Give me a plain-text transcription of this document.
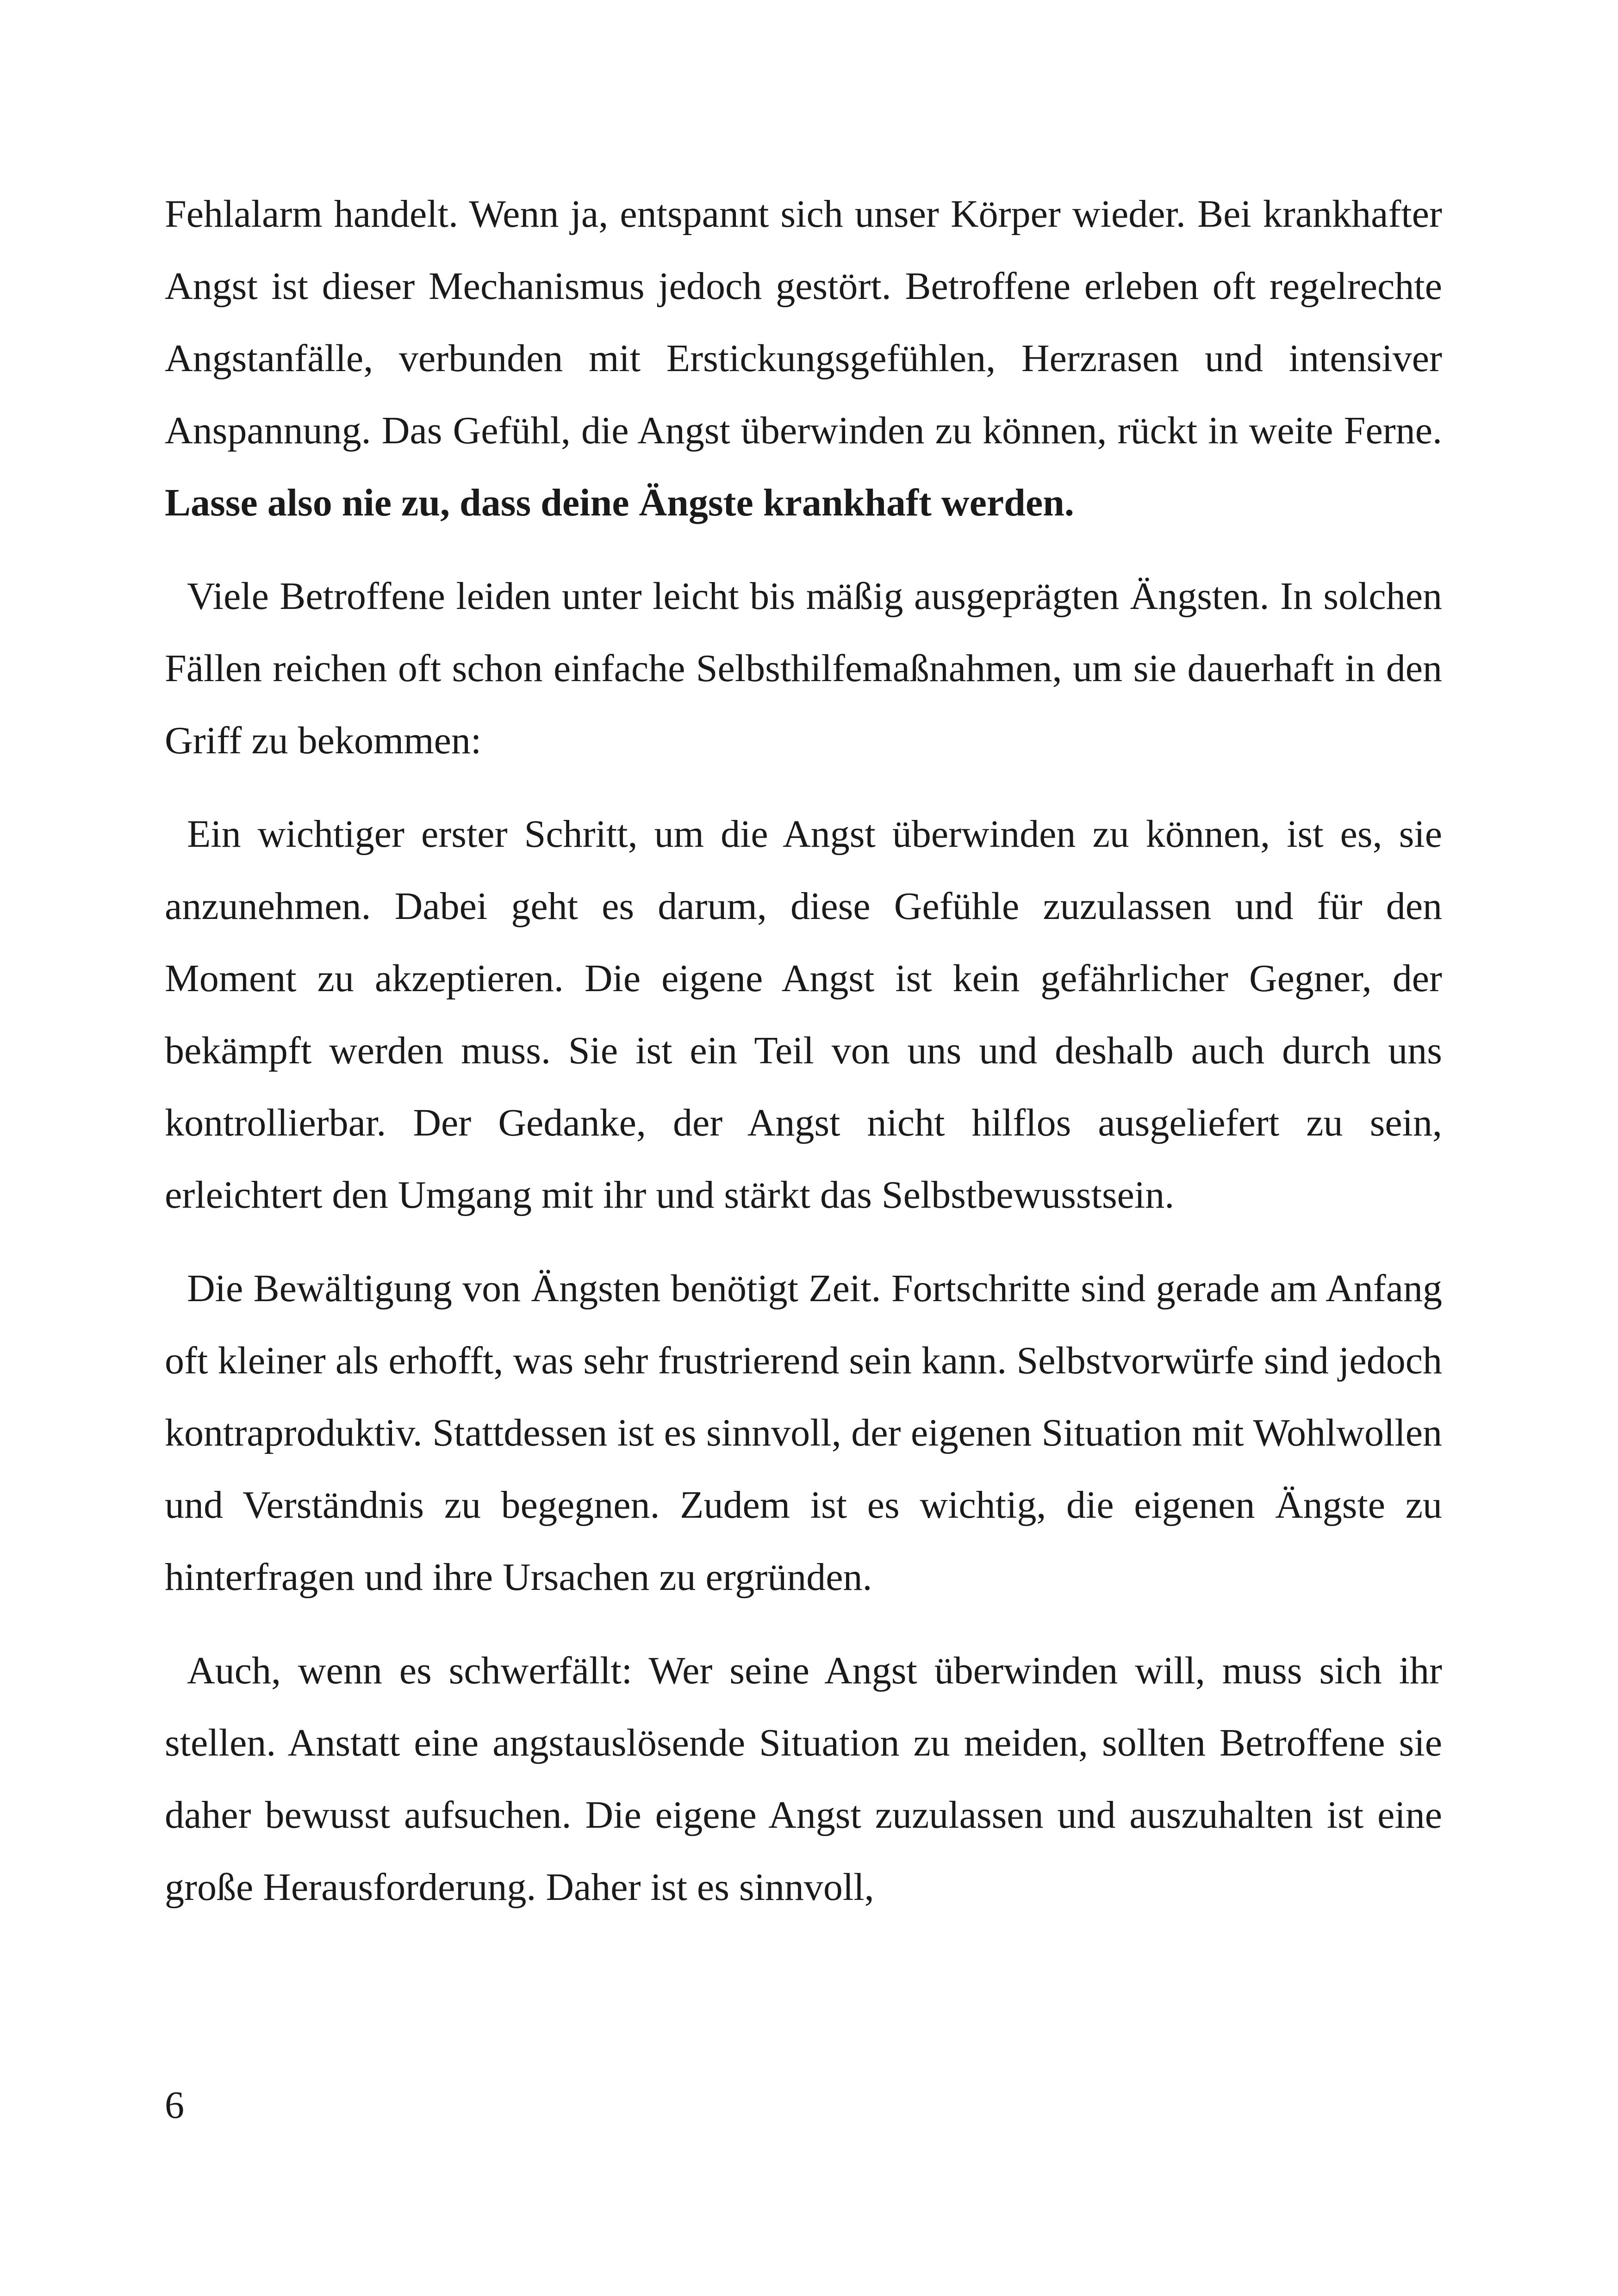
Fehlalarm handelt. Wenn ja, entspannt sich unser Körper wieder. Bei krankhafter Angst ist dieser Mechanismus jedoch gestört. Betroffene erleben oft regelrechte Angstanfälle, verbunden mit Erstickungsgefühlen, Herzrasen und intensiver Anspannung. Das Gefühl, die Angst überwinden zu können, rückt in weite Ferne. Lasse also nie zu, dass deine Ängste krankhaft werden.

Viele Betroffene leiden unter leicht bis mäßig ausgeprägten Ängsten. In solchen Fällen reichen oft schon einfache Selbsthilfemaßnahmen, um sie dauerhaft in den Griff zu bekommen:

Ein wichtiger erster Schritt, um die Angst überwinden zu können, ist es, sie anzunehmen. Dabei geht es darum, diese Gefühle zuzulassen und für den Moment zu akzeptieren. Die eigene Angst ist kein gefährlicher Gegner, der bekämpft werden muss. Sie ist ein Teil von uns und deshalb auch durch uns kontrollierbar. Der Gedanke, der Angst nicht hilflos ausgeliefert zu sein, erleichtert den Umgang mit ihr und stärkt das Selbstbewusstsein.

Die Bewältigung von Ängsten benötigt Zeit. Fortschritte sind gerade am Anfang oft kleiner als erhofft, was sehr frustrierend sein kann. Selbstvorwürfe sind jedoch kontraproduktiv. Stattdessen ist es sinnvoll, der eigenen Situation mit Wohlwollen und Verständnis zu begegnen. Zudem ist es wichtig, die eigenen Ängste zu hinterfragen und ihre Ursachen zu ergründen.

Auch, wenn es schwerfällt: Wer seine Angst überwinden will, muss sich ihr stellen. Anstatt eine angstauslösende Situation zu meiden, sollten Betroffene sie daher bewusst aufsuchen. Die eigene Angst zuzulassen und auszuhalten ist eine große Herausforderung. Daher ist es sinnvoll,

6
